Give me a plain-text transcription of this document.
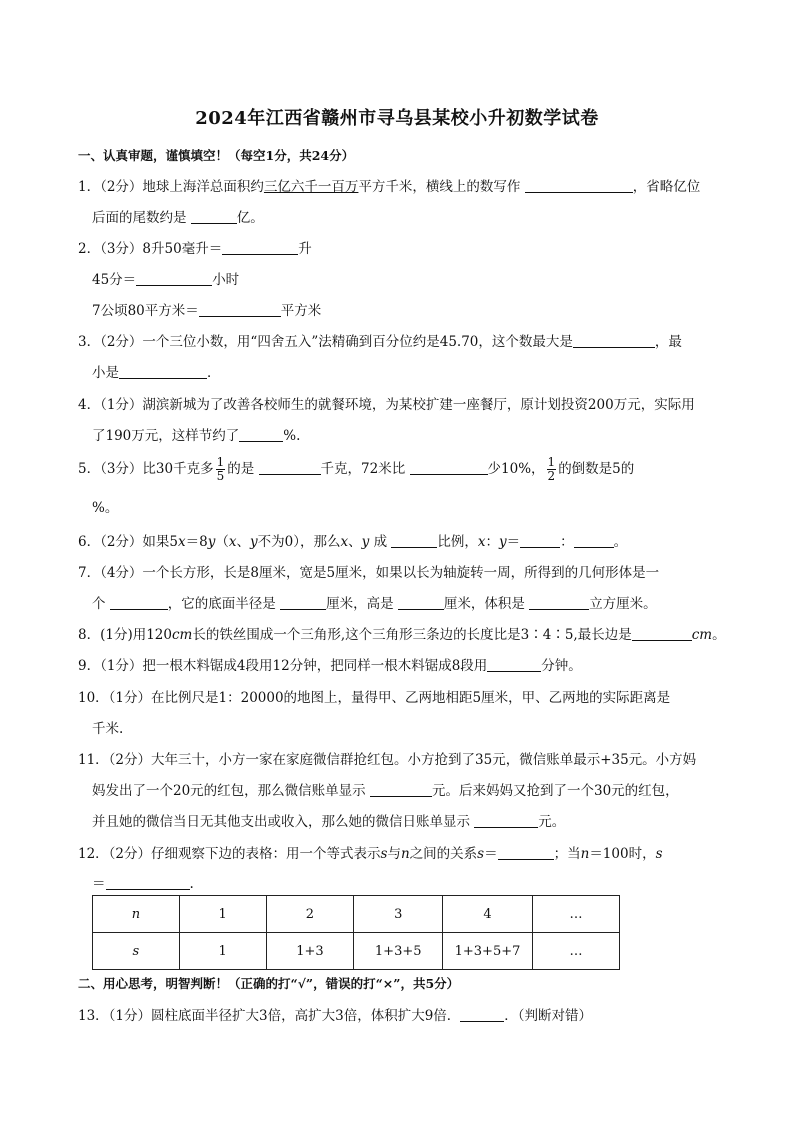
2024年江西省赣州市寻乌县某校小升初数学试卷
一、认真审题，谨慎填空！（每空1分，共24分）
1．（2分）地球上海洋总面积约三亿六千一百万平方千米，横线上的数写作	，省略亿位
后面的尾数约是	亿。
2．（3分）8升50毫升＝	升
45分＝	小时
7公顷80平方米＝	平方米
3．（2分）一个三位小数，用“四舍五入”法精确到百分位约是45.70，这个数最大是	，最
小是	．
4．（1分）湖滨新城为了改善各校师生的就餐环境，为某校扩建一座餐厅，原计划投资200万元，实际用
了190万元，这样节约了	%.
5．（3分）比30千克多 $\frac{1}{5}$ 的是	千克，72米比	少10%， $\frac{1}{2}$ 的倒数是5的
%。
6．（2分）如果5x＝8y（x、y不为0），那么x、y 成	比例，x：y＝	：	。
7．（4分）一个长方形，长是8厘米，宽是5厘米，如果以长为轴旋转一周，所得到的几何形体是一
个	，它的底面半径是	厘米，高是	厘米，体积是	立方厘米。
8．(1分)用120cm长的铁丝围成一个三角形,这个三角形三条边的长度比是3∶4∶5,最长边是	cm。
9．（1分）把一根木料锯成4段用12分钟，把同样一根木料锯成8段用	分钟。
10．（1分）在比例尺是1：20000的地图上，量得甲、乙两地相距5厘米，甲、乙两地的实际距离是
千米.
11．（2分）大年三十，小方一家在家庭微信群抢红包。小方抢到了35元，微信账单最示+35元。小方妈
妈发出了一个20元的红包，那么微信账单显示	元。后来妈妈又抢到了一个30元的红包，
并且她的微信当日无其他支出或收入，那么她的微信日账单显示	元。
12．（2分）仔细观察下边的表格：用一个等式表示s与n之间的关系s＝	；当n＝100时，s
＝	.
n	1	2	3	4	…
s	1	1+3	1+3+5	1+3+5+7	…
二、用心思考，明智判断！（正确的打“√”，错误的打“×”，共5分）
13．（1分）圆柱底面半径扩大3倍，高扩大3倍，体积扩大9倍．	．（判断对错）
